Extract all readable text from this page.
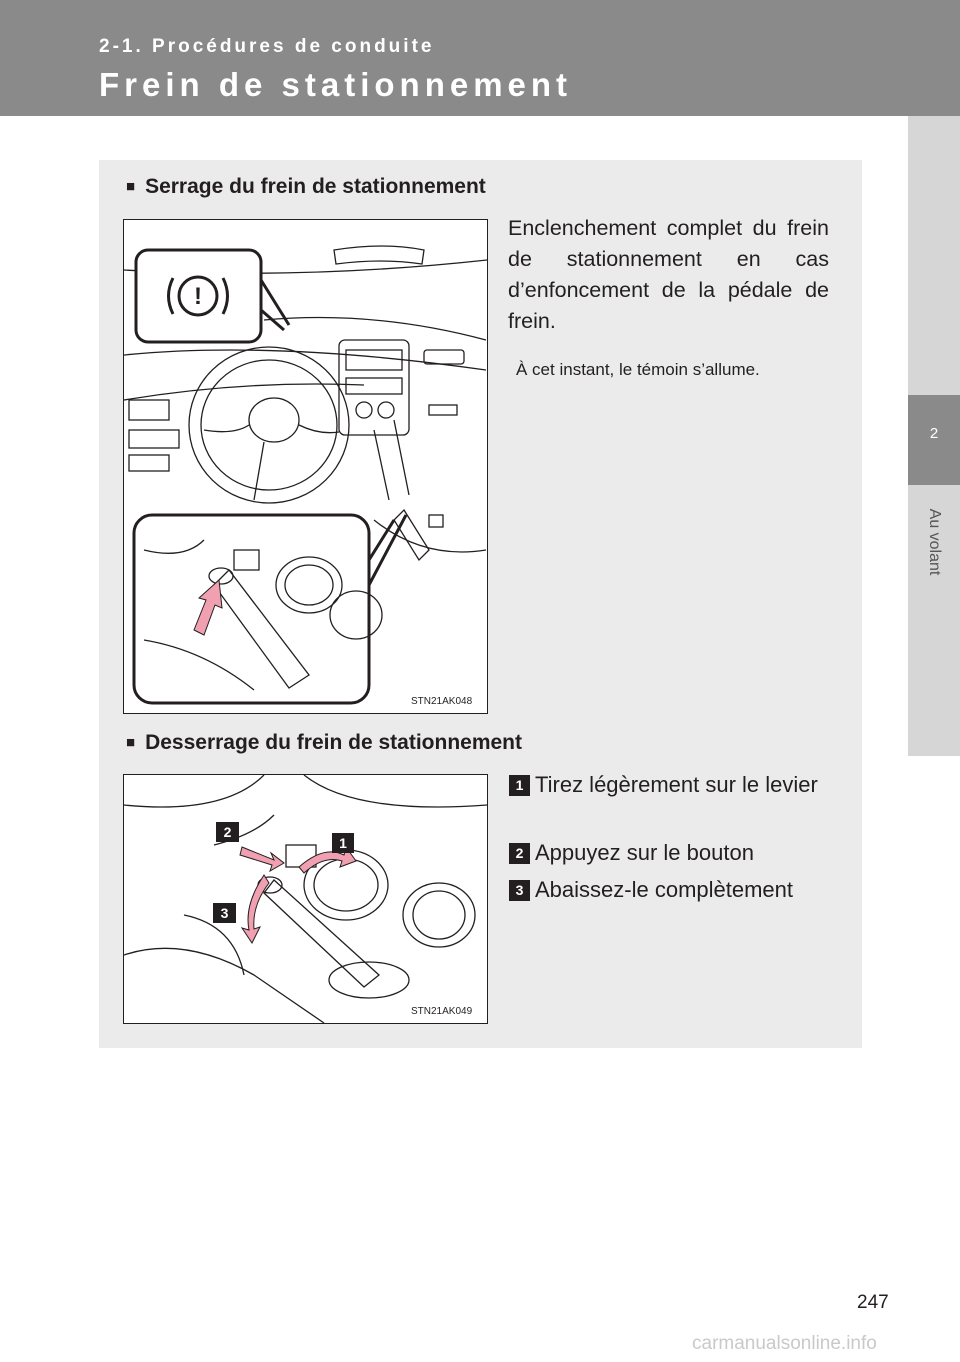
2-1. Procédures de conduite
Frein de stationnement
2
Au volant
■ Serrage du frein de stationnement
!
STN21AK048
Enclenchement complet du frein de stationnement en cas d’enfoncement de la pédale de frein.
À cet instant, le témoin s’allume.
■ Desserrage du frein de stationnement
2
1
3
STN21AK049
1 Tirez légèrement sur le levier
2 Appuyez sur le bouton
3 Abaissez-le complètement
247
carmanualsonline.info
